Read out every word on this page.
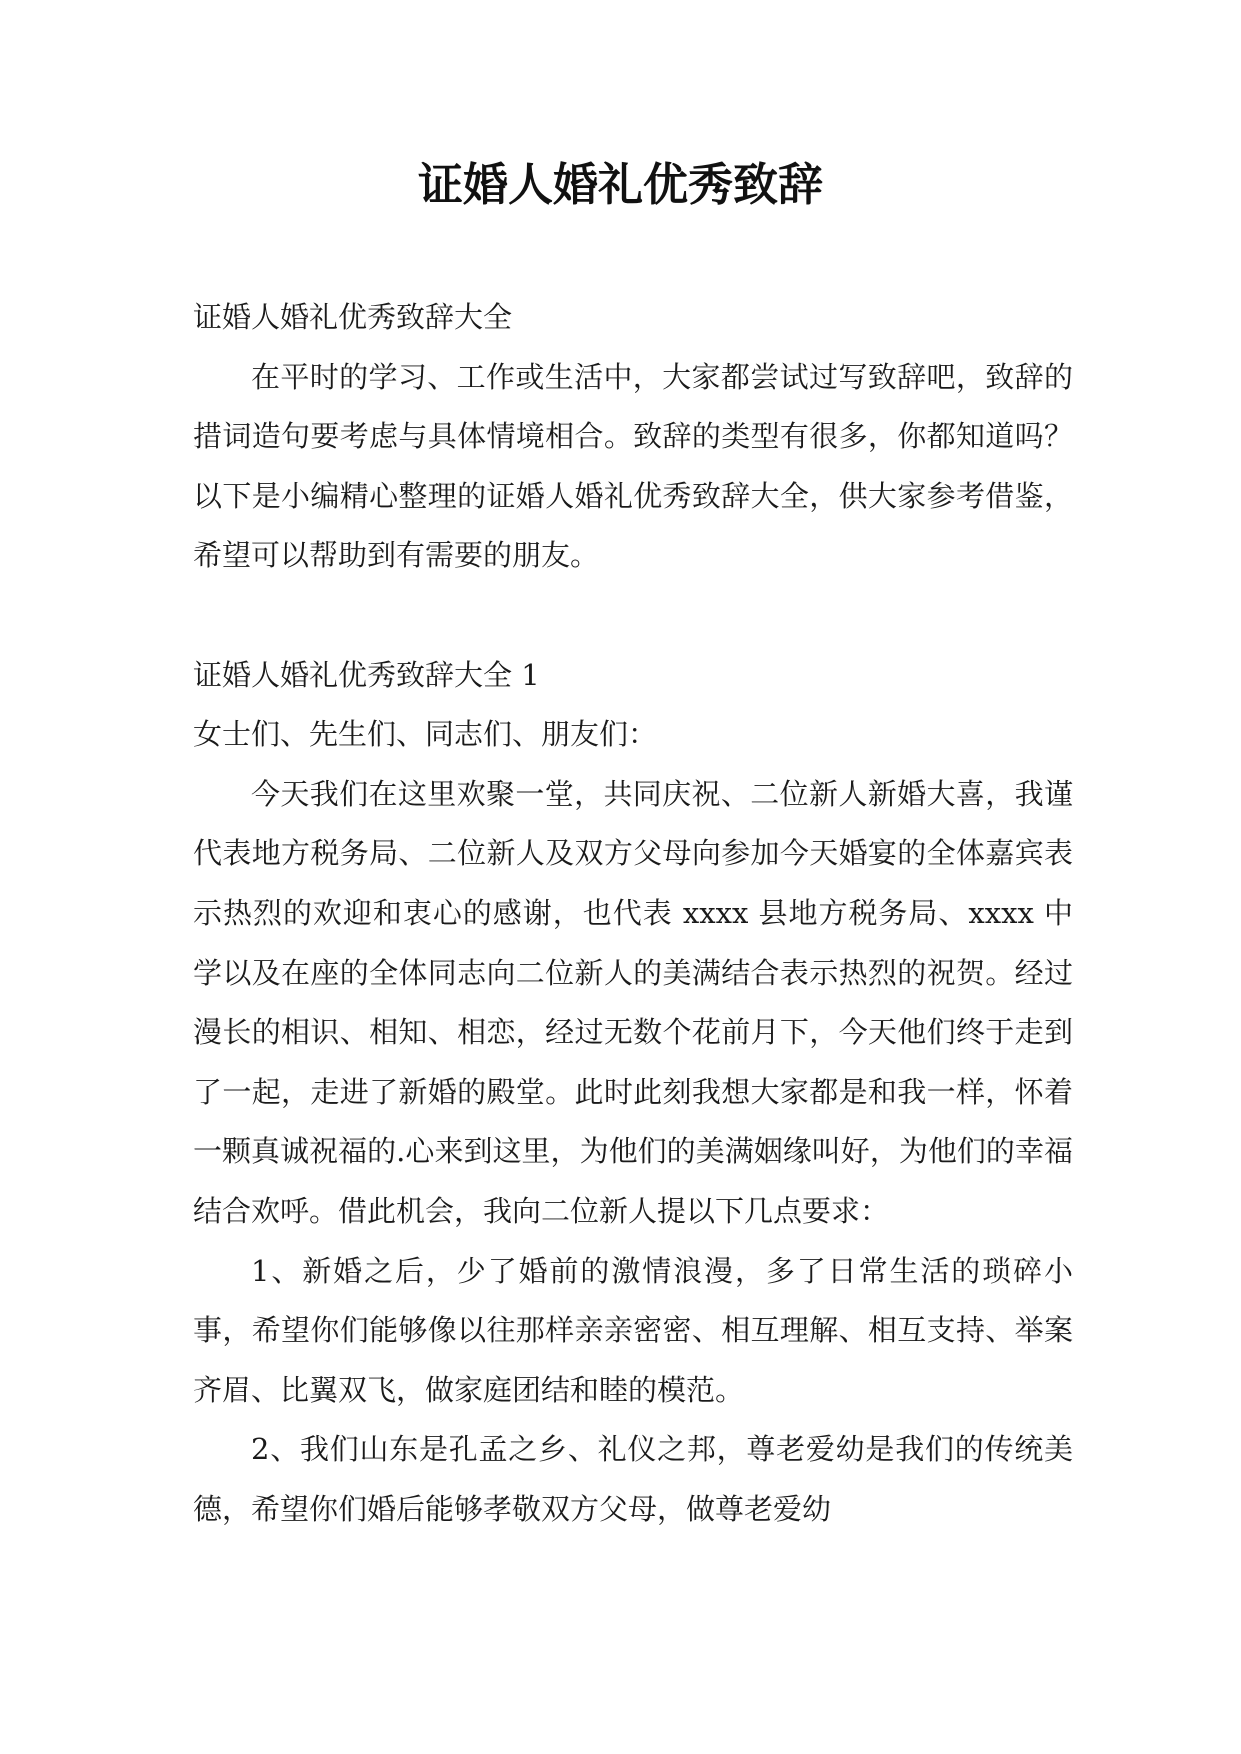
证婚人婚礼优秀致辞

证婚人婚礼优秀致辞大全

在平时的学习、工作或生活中，大家都尝试过写致辞吧，致辞的措词造句要考虑与具体情境相合。致辞的类型有很多，你都知道吗？以下是小编精心整理的证婚人婚礼优秀致辞大全，供大家参考借鉴，希望可以帮助到有需要的朋友。

证婚人婚礼优秀致辞大全 1

女士们、先生们、同志们、朋友们：

今天我们在这里欢聚一堂，共同庆祝、二位新人新婚大喜，我谨代表地方税务局、二位新人及双方父母向参加今天婚宴的全体嘉宾表示热烈的欢迎和衷心的感谢，也代表 xxxx 县地方税务局、xxxx 中学以及在座的全体同志向二位新人的美满结合表示热烈的祝贺。经过漫长的相识、相知、相恋，经过无数个花前月下，今天他们终于走到了一起，走进了新婚的殿堂。此时此刻我想大家都是和我一样，怀着一颗真诚祝福的.心来到这里，为他们的美满姻缘叫好，为他们的幸福结合欢呼。借此机会，我向二位新人提以下几点要求：

1、新婚之后，少了婚前的激情浪漫，多了日常生活的琐碎小事，希望你们能够像以往那样亲亲密密、相互理解、相互支持、举案齐眉、比翼双飞，做家庭团结和睦的模范。

2、我们山东是孔孟之乡、礼仪之邦，尊老爱幼是我们的传统美德，希望你们婚后能够孝敬双方父母，做尊老爱幼
